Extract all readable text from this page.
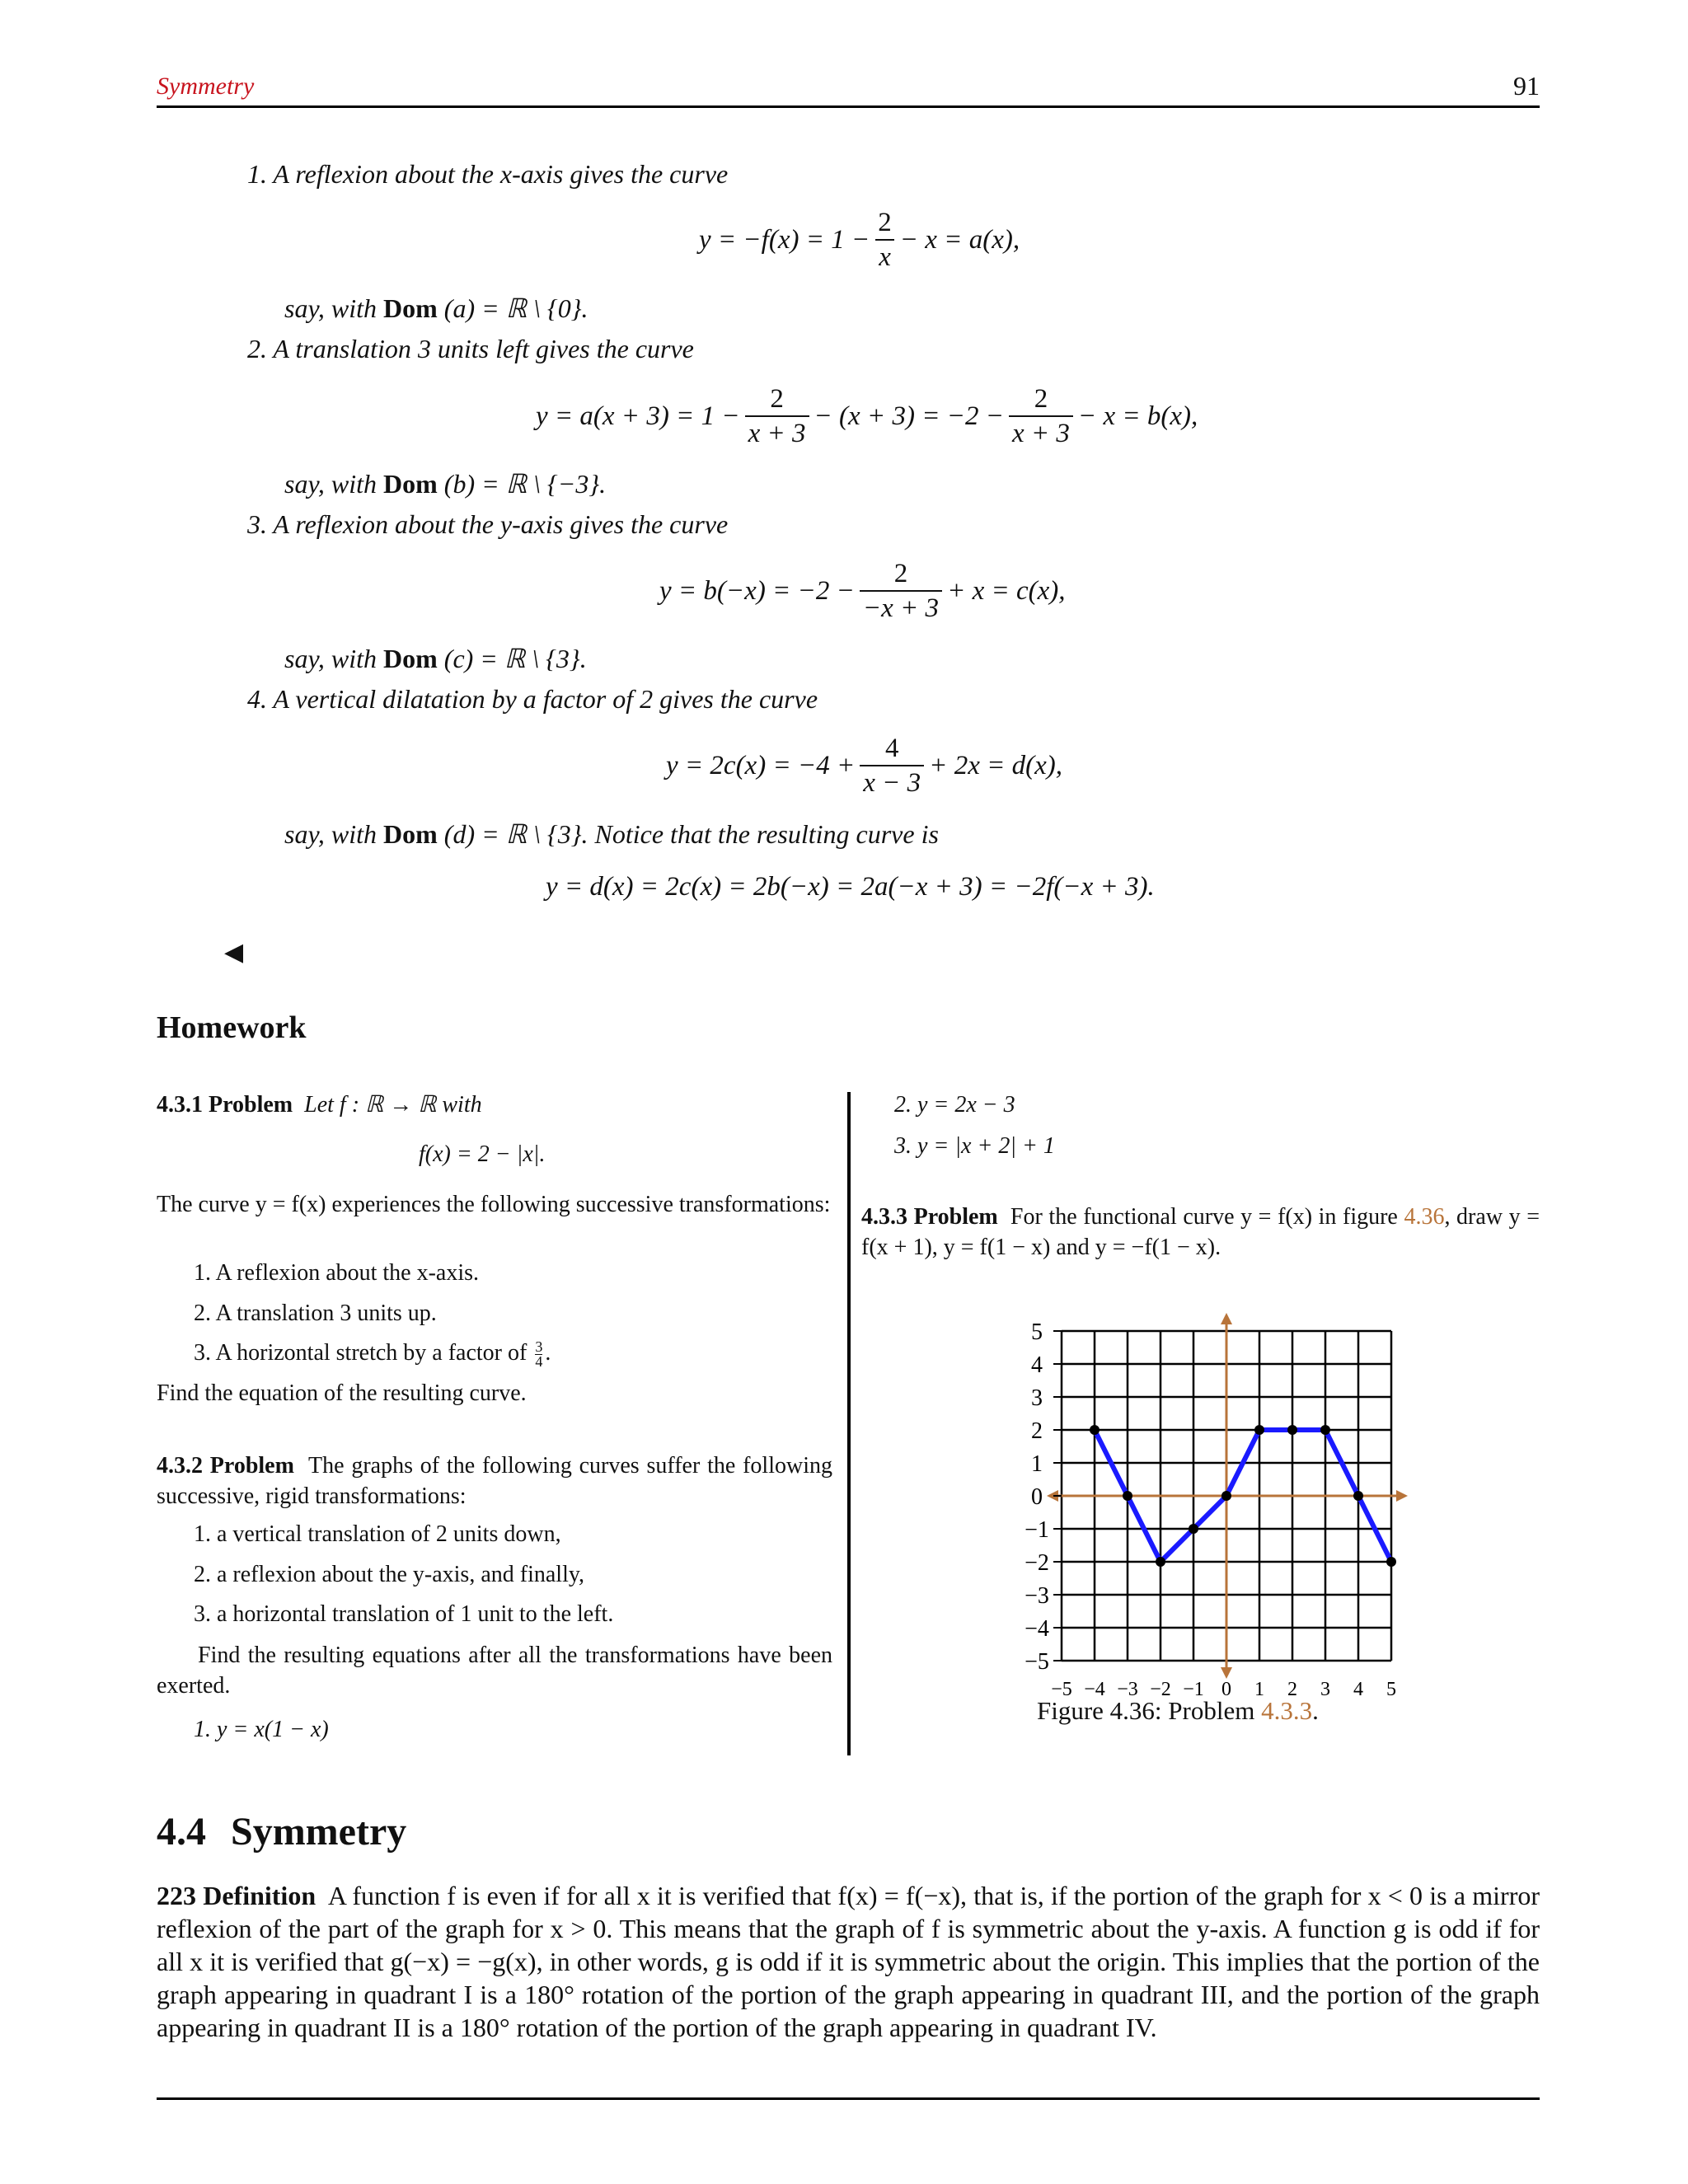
Symmetry	91
1. A reflexion about the x-axis gives the curve
$y = -f(x) = 1 - \frac{2}{x} - x = a(x)$,
say, with Dom (a) = ℝ \ {0}.
2. A translation 3 units left gives the curve
$y = a(x + 3) = 1 - \frac{2}{x + 3} - (x + 3) = -2 - \frac{2}{x + 3} - x = b(x)$,
say, with Dom (b) = ℝ \ {−3}.
3. A reflexion about the y-axis gives the curve
$y = b(-x) = -2 - \frac{2}{-x + 3} + x = c(x)$,
say, with Dom (c) = ℝ \ {3}.
4. A vertical dilatation by a factor of 2 gives the curve
$y = 2c(x) = -4 + \frac{4}{x - 3} + 2x = d(x)$,
say, with Dom (d) = ℝ \ {3}. Notice that the resulting curve is
y = d(x) = 2c(x) = 2b(−x) = 2a(−x + 3) = −2f(−x + 3).
◀
Homework
4.3.1 Problem Let f : ℝ → ℝ with
f(x) = 2 − |x|.
The curve y = f(x) experiences the following successive transformations:
1. A reflexion about the x-axis.
2. A translation 3 units up.
3. A horizontal stretch by a factor of $\frac{3}{4}$ .
Find the equation of the resulting curve.
4.3.2 Problem The graphs of the following curves suffer the following successive, rigid transformations:
1. a vertical translation of 2 units down,
2. a reflexion about the y-axis, and finally,
3. a horizontal translation of 1 unit to the left.
Find the resulting equations after all the transformations have been exerted.
1. y = x(1 − x)
2. y = 2x − 3
3. y = |x + 2| + 1
4.3.3 Problem For the functional curve y = f(x) in figure 4.36, draw y = f(x + 1), y = f(1 − x) and y = −f(1 − x).
5
4
3
2
1
0
−1
−2
−3
−4
−5
−5 −4 −3 −2 −1 0 1 2 3 4 5
Figure 4.36: Problem 4.3.3.
4.4 Symmetry
223 Definition A function f is even if for all x it is verified that f(x) = f(−x), that is, if the portion of the graph for x < 0 is a mirror reflexion of the part of the graph for x > 0. This means that the graph of f is symmetric about the y-axis. A function g is odd if for all x it is verified that g(−x) = −g(x), in other words, g is odd if it is symmetric about the origin. This implies that the portion of the graph appearing in quadrant I is a 180° rotation of the portion of the graph appearing in quadrant III, and the portion of the graph appearing in quadrant II is a 180° rotation of the portion of the graph appearing in quadrant IV.
